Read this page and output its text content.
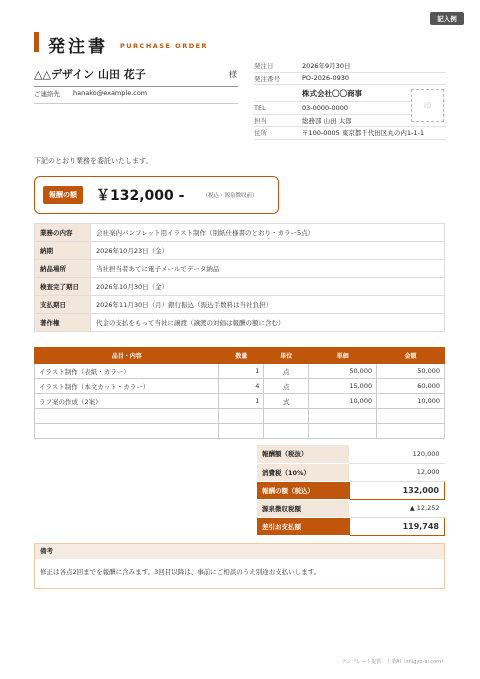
記入例
発注書 PURCHASE ORDER
△△デザイン 山田 花子	様
ご連絡先 hanako@example.com
発注日	2026年9月30日
発注番号	PO-2026-0930
株式会社〇〇商事
TEL	03-0000-0000
担当	総務部 山田 太郎
住所	〒100-0005 東京都千代田区丸の内1-1-1
印
下記のとおり業務を委託いたします。
報酬の額	￥132,000 -	（税込・源泉徴収前）
業務の内容	会社案内パンフレット用イラスト制作（別紙仕様書のとおり・カラー5点）
納期	2026年10月23日（金）
納品場所	当社担当者あてに電子メールでデータ納品
検査完了期日	2026年10月30日（金）
支払期日	2026年11月30日（月）銀行振込（振込手数料は当社負担）
著作権	代金の支払をもって当社に譲渡（譲渡の対価は報酬の額に含む）
品目・内容	数量	単位	単価	金額
イラスト制作（表紙・カラー）	1	点	50,000	50,000
イラスト制作（本文カット・カラー）	4	点	15,000	60,000
ラフ案の作成（2案）	1	式	10,000	10,000

報酬額（税抜）	120,000
消費税（10%）	12,000
報酬の額（税込）	132,000
源泉徴収税額	▲ 12,252
差引お支払額	119,748
備考
修正は各点2回までを報酬に含みます。3回目以降は、事前にご相談のうえ別途お支払いします。
テンプレート提供：士業AI（shigyo-ai.com）
